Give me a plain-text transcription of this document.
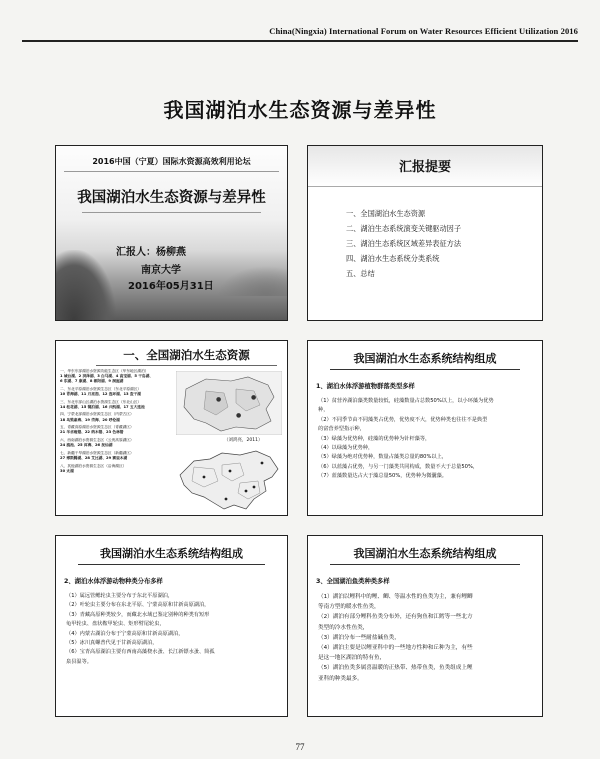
China(Ningxia) International Forum on Water Resources Efficient Utilization 2016
我国湖泊水生态资源与差异性
2016中国（宁夏）国际水资源高效利用论坛
我国湖泊水生态资源与差异性
汇报人：杨柳燕
南京大学
2016年05月31日
汇报提要
一、全国湖泊水生态资源
二、湖泊生态系统演变关键驱动因子
三、湖泊生态系统区域差异表征方法
四、湖泊水生态系统分类系统
五、总结
一、全国湖泊水生态资源
一、华东东部湖泊水资源功能生态区（华东地区湖泊）
1 城台湖、2 洪泽湖、3 白马湖、4 高宝湖、5 干岛湖、
6 东湖、7 康湖、8 都阳湖、9 洞庭湖
二、东北平原湖泊水资源生态区（东北平原湖区）
10 青海湖、11 月亮泡、12 连环湖、13 查干湖
三、东北东部山区湖泊水资源生态区（东北山区）
14 松花湖、15 镜泊湖、16 兴凯湖、17 五大连池
四、宁蒙北部湖泊水资源生态区（内蒙古区）
18 乌梁素海、19 岱海、20 呼伦湖
五、青藏高原湖泊水资源生态区（青藏湖区）
21 羊卓雍错、22 纳木错、23 色林错
六、西南湖泊水资源生态区（云贵高原湖区）
24 滇池、25 洱海、26 抚仙湖
七、新疆干旱湖泊水资源生态区（新疆湖区）
27 博斯腾湖、28 艾比湖、29 赛里木湖
八、其他湖泊水资源生态区（沿海湖区）
30 太湖
●
●	●
（刘鸿亮，2011）
我国湖泊水生态系统结构组成
1、湖泊水体浮游植物群落类型多样
（1）贫营养湖泊藻类数量较低，硅藻数量占总数50%以上，以小环藻为优势
种，
（2）不同季节由不同藻类占优势，优势度不大，优势种类也往往不是典型
的富营养型指示种，
（3）绿藻为优势种，硅藻的优势种为针杆藻等，
（4）以绿藻为优势种，
（5）绿藻为绝对优势种，数量占藻类总量的80%以上，
（6）以蓝藻占优势，与另一门藻类共同构成，数量不大于总量50%，
（7）蓝藻数量达占大于藻总量50%，优势种为微囊藻。
我国湖泊水生态系统结构组成
2、湖泊水体浮游动物种类分布多样
（1）属远管鳃轮虫主要分布于东北平原湖泊，
（2）叶轮虫主要分布在东北平原、宁蒙高原和甘新高原湖泊，
（3）青藏高原种类较少，而藏北水域已鉴定别种的种类有短形
龟甲轮虫、盘状鞍甲轮虫、矩形臂尾轮虫，
（4）内蒙古湖泊分布于宁蒙高原和甘新高原湖泊，
（5）冰川真螺普代见于甘新高原湖泊，
（6）宝青高原湖泊主要有西南高藻桡水蚤、长江新镖水蚤、简孤
泉县温等。
我国湖泊水生态系统结构组成
3、全国湖泊鱼类种类多样
（1）湖泊以鲤科中的鲤、鲫、等温水性的鱼类为主，兼有鲤鲫
等南方型的暖水性鱼类，
（2）湖泊有部分鲤科鱼类分布外，还有狗鱼和江鳕等一些北方
类型的冷水性鱼类，
（3）湖泊分布一些耐盐碱鱼类，
（4）湖泊主要是以鲤亚科中的一些地方性种和丘种为主，有些
是这一地区湖泊的特有鱼，
（5）湖泊鱼类多属喜温暖的正热带、热带鱼类，鱼类组成上鲤
亚科的种类最多。
77
